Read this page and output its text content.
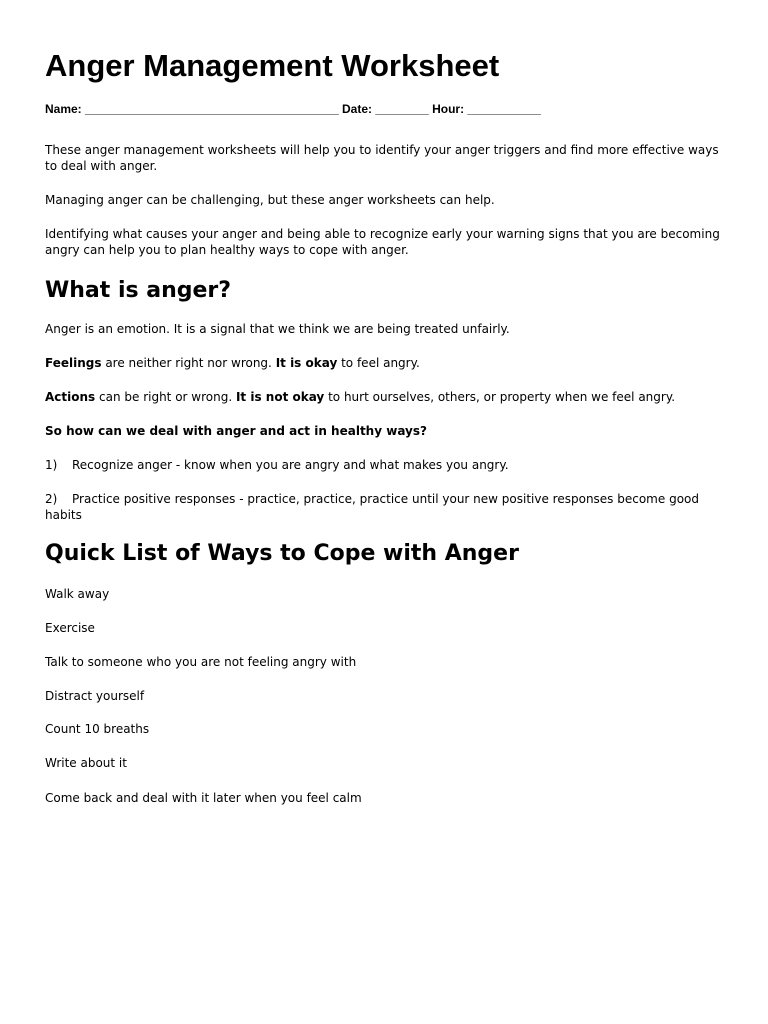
Anger Management Worksheet
Name: ______________________________________ Date: ________ Hour: ___________

These anger management worksheets will help you to identify your anger triggers and find more effective ways to deal with anger.

Managing anger can be challenging, but these anger worksheets can help.

Identifying what causes your anger and being able to recognize early your warning signs that you are becoming angry can help you to plan healthy ways to cope with anger.

What is anger?

Anger is an emotion. It is a signal that we think we are being treated unfairly.

Feelings are neither right nor wrong. It is okay to feel angry.

Actions can be right or wrong. It is not okay to hurt ourselves, others, or property when we feel angry.

So how can we deal with anger and act in healthy ways?

1) Recognize anger - know when you are angry and what makes you angry.

2) Practice positive responses - practice, practice, practice until your new positive responses become good habits

Quick List of Ways to Cope with Anger

Walk away

Exercise

Talk to someone who you are not feeling angry with

Distract yourself

Count 10 breaths

Write about it

Come back and deal with it later when you feel calm
